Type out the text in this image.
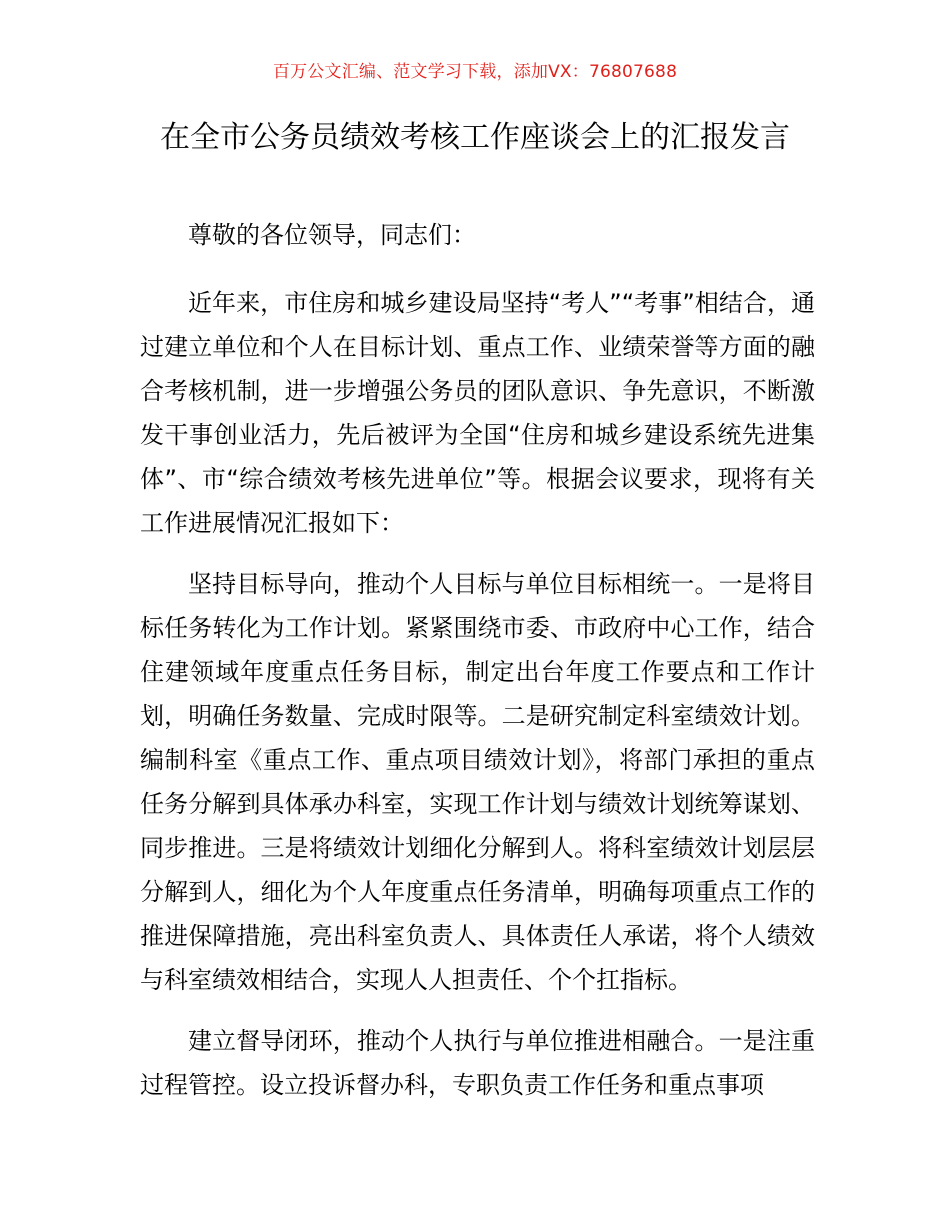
百万公文汇编、范文学习下载，添加VX：76807688
在全市公务员绩效考核工作座谈会上的汇报发言

尊敬的各位领导，同志们：

近年来，市住房和城乡建设局坚持“考人”“考事”相结合，通过建立单位和个人在目标计划、重点工作、业绩荣誉等方面的融合考核机制，进一步增强公务员的团队意识、争先意识，不断激发干事创业活力，先后被评为全国“住房和城乡建设系统先进集体”、市“综合绩效考核先进单位”等。根据会议要求，现将有关工作进展情况汇报如下：

坚持目标导向，推动个人目标与单位目标相统一。一是将目标任务转化为工作计划。紧紧围绕市委、市政府中心工作，结合住建领域年度重点任务目标，制定出台年度工作要点和工作计划，明确任务数量、完成时限等。二是研究制定科室绩效计划。编制科室《重点工作、重点项目绩效计划》，将部门承担的重点任务分解到具体承办科室，实现工作计划与绩效计划统筹谋划、同步推进。三是将绩效计划细化分解到人。将科室绩效计划层层分解到人，细化为个人年度重点任务清单，明确每项重点工作的推进保障措施，亮出科室负责人、具体责任人承诺，将个人绩效与科室绩效相结合，实现人人担责任、个个扛指标。

建立督导闭环，推动个人执行与单位推进相融合。一是注重过程管控。设立投诉督办科，专职负责工作任务和重点事项
